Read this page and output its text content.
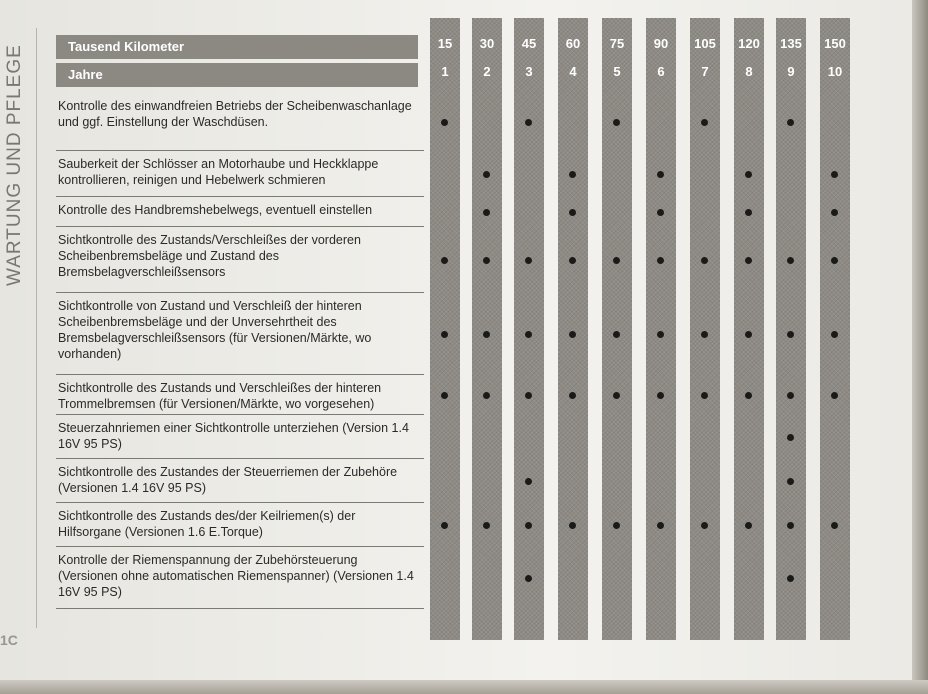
WARTUNG UND PFLEGE	Tausend Kilometer
Jahre
15
1
30
2
45
3
60
4
75
5
90
6
105
7
120
8
135
9
150
10
Kontrolle des einwandfreien Betriebs der Scheibenwaschanlage und ggf. Einstellung der Waschdüsen.
Sauberkeit der Schlösser an Motorhaube und Heckklappe kontrollieren, reinigen und Hebelwerk schmieren
Kontrolle des Handbremshebelwegs, eventuell einstellen
Sichtkontrolle des Zustands/Verschleißes der vorderen Scheibenbremsbeläge und Zustand des Bremsbelagverschleißsensors
Sichtkontrolle von Zustand und Verschleiß der hinteren Scheibenbremsbeläge und der Unversehrtheit des Bremsbelagverschleißsensors (für Versionen/Märkte, wo vorhanden)
Sichtkontrolle des Zustands und Verschleißes der hinteren Trommelbremsen (für Versionen/Märkte, wo vorgesehen)
Steuerzahnriemen einer Sichtkontrolle unterziehen (Version 1.4 16V 95 PS)
Sichtkontrolle des Zustandes der Steuerriemen der Zubehöre (Versionen 1.4 16V 95 PS)
Sichtkontrolle des Zustands des/der Keilriemen(s) der Hilfsorgane (Versionen 1.6 E.Torque)
Kontrolle der Riemenspannung der Zubehörsteuerung (Versionen ohne automatischen Riemenspanner) (Versionen 1.4 16V 95 PS)
1C
